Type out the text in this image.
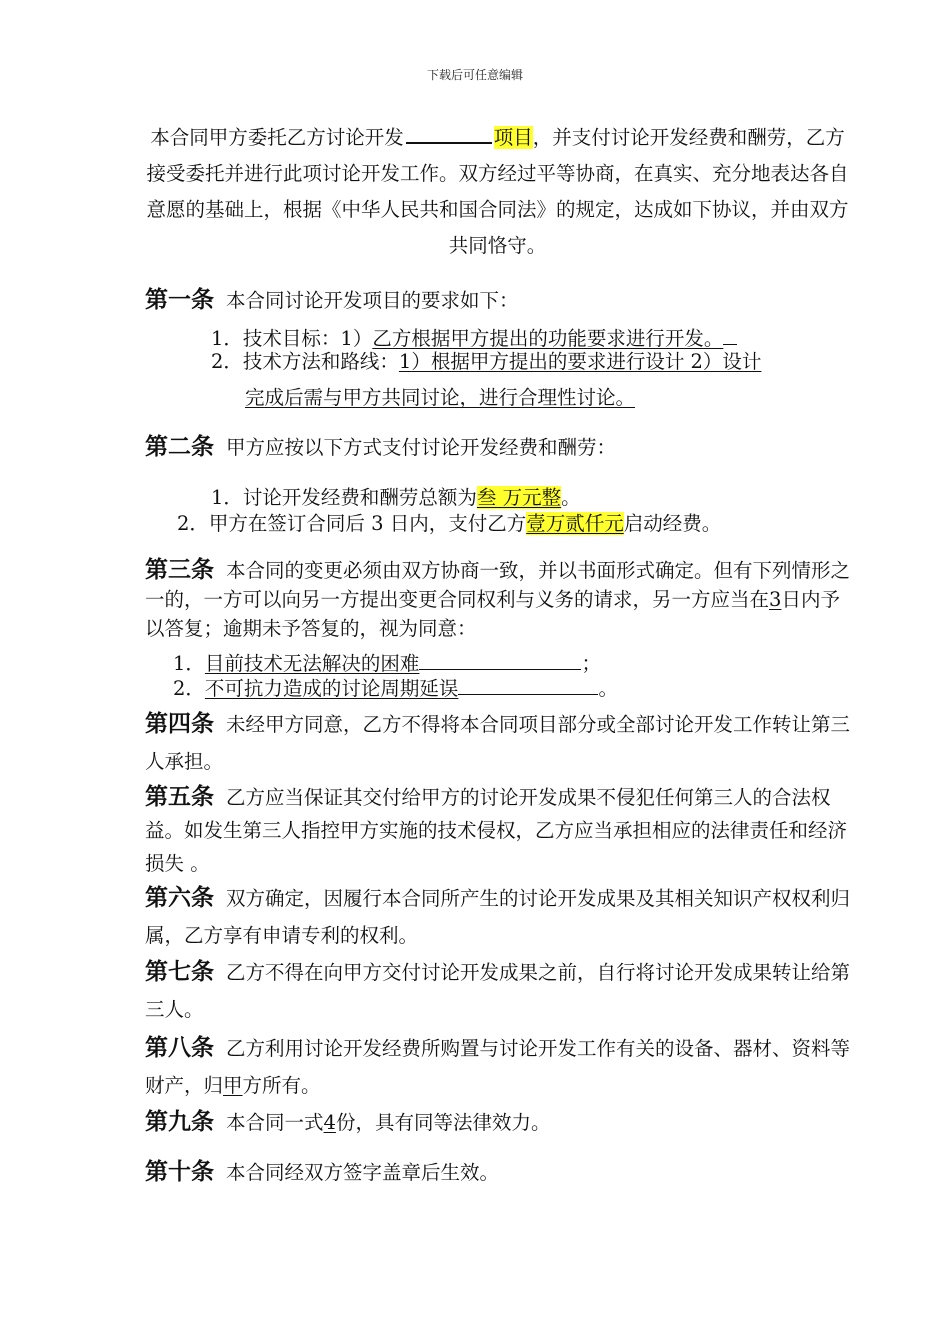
下载后可任意编辑
本合同甲方委托乙方讨论开发	项目，并支付讨论开发经费和酬劳，乙方接受委托并进行此项讨论开发工作。双方经过平等协商，在真实、充分地表达各自意愿的基础上，根据《中华人民共和国合同法》的规定，达成如下协议，并由双方共同恪守。
第一条 本合同讨论开发项目的要求如下：
1．技术目标：1）乙方根据甲方提出的功能要求进行开发。
2．技术方法和路线：1）根据甲方提出的要求进行设计 2）设计
完成后需与甲方共同讨论，进行合理性讨论。
第二条 甲方应按以下方式支付讨论开发经费和酬劳：
1．讨论开发经费和酬劳总额为叁 万元整。
2．甲方在签订合同后 3 日内，支付乙方壹万贰仟元启动经费。
第三条 本合同的变更必须由双方协商一致，并以书面形式确定。但有下列情形之一的，一方可以向另一方提出变更合同权利与义务的请求，另一方应当在3日内予以答复；逾期未予答复的，视为同意：
1．目前技术无法解决的困难	；
2．不可抗力造成的讨论周期延误	。
第四条 未经甲方同意，乙方不得将本合同项目部分或全部讨论开发工作转让第三人承担。
第五条 乙方应当保证其交付给甲方的讨论开发成果不侵犯任何第三人的合法权益。如发生第三人指控甲方实施的技术侵权，乙方应当承担相应的法律责任和经济损失 。
第六条 双方确定，因履行本合同所产生的讨论开发成果及其相关知识产权权利归属，乙方享有申请专利的权利。
第七条 乙方不得在向甲方交付讨论开发成果之前，自行将讨论开发成果转让给第三人。
第八条 乙方利用讨论开发经费所购置与讨论开发工作有关的设备、器材、资料等财产，归甲方所有。
第九条 本合同一式4份，具有同等法律效力。
第十条 本合同经双方签字盖章后生效。
